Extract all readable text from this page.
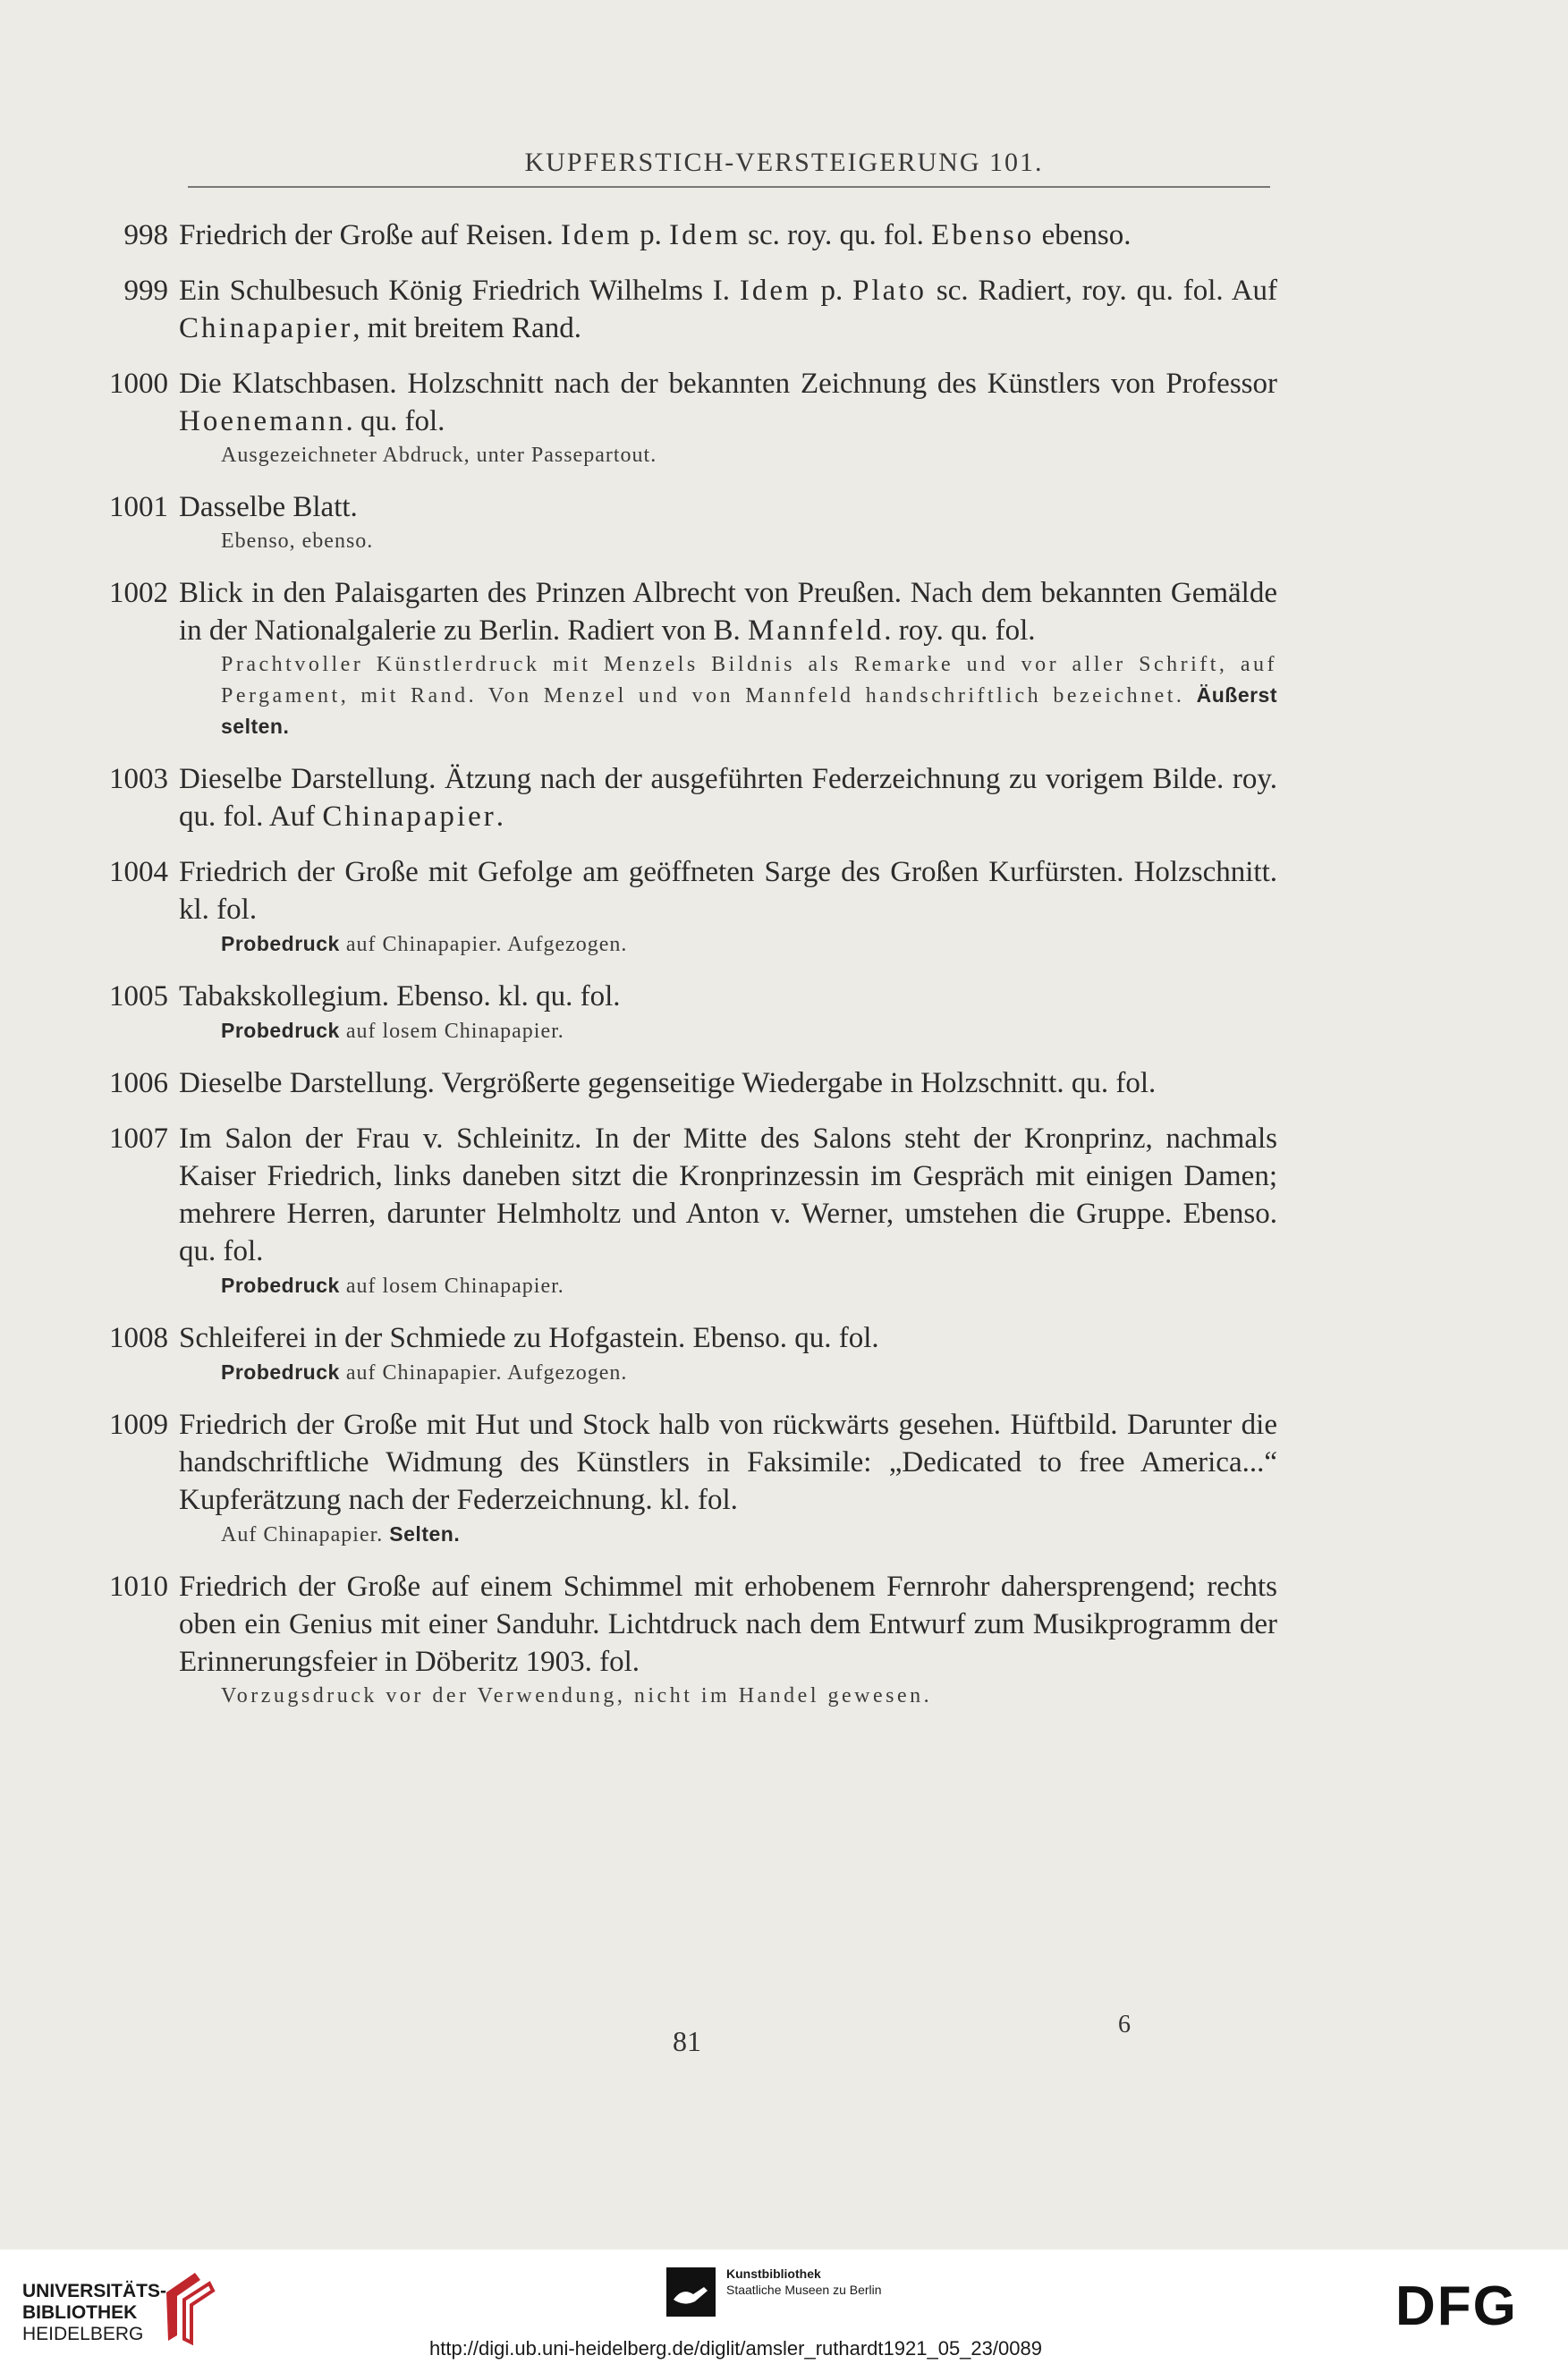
KUPFERSTICH-VERSTEIGERUNG 101.
998 Friedrich der Große auf Reisen. Idem p. Idem sc. roy. qu. fol. Ebenso ebenso.
999 Ein Schulbesuch König Friedrich Wilhelms I. Idem p. Plato sc. Radiert, roy. qu. fol. Auf Chinapapier, mit breitem Rand.
1000 Die Klatschbasen. Holzschnitt nach der bekannten Zeichnung des Künstlers von Professor Hoenemann. qu. fol.
Ausgezeichneter Abdruck, unter Passepartout.
1001 Dasselbe Blatt.
Ebenso, ebenso.
1002 Blick in den Palaisgarten des Prinzen Albrecht von Preußen. Nach dem bekannten Gemälde in der Nationalgalerie zu Berlin. Radiert von B. Mannfeld. roy. qu. fol.
Prachtvoller Künstlerdruck mit Menzels Bildnis als Remarke und vor aller Schrift, auf Pergament, mit Rand. Von Menzel und von Mannfeld handschriftlich bezeichnet. Äußerst selten.
1003 Dieselbe Darstellung. Ätzung nach der ausgeführten Federzeichnung zu vorigem Bilde. roy. qu. fol. Auf Chinapapier.
1004 Friedrich der Große mit Gefolge am geöffneten Sarge des Großen Kurfürsten. Holzschnitt. kl. fol.
Probedruck auf Chinapapier. Aufgezogen.
1005 Tabakskollegium. Ebenso. kl. qu. fol.
Probedruck auf losem Chinapapier.
1006 Dieselbe Darstellung. Vergrößerte gegenseitige Wiedergabe in Holzschnitt. qu. fol.
1007 Im Salon der Frau v. Schleinitz. In der Mitte des Salons steht der Kronprinz, nachmals Kaiser Friedrich, links daneben sitzt die Kronprinzessin im Gespräch mit einigen Damen; mehrere Herren, darunter Helmholtz und Anton v. Werner, umstehen die Gruppe. Ebenso. qu. fol.
Probedruck auf losem Chinapapier.
1008 Schleiferei in der Schmiede zu Hofgastein. Ebenso. qu. fol.
Probedruck auf Chinapapier. Aufgezogen.
1009 Friedrich der Große mit Hut und Stock halb von rückwärts gesehen. Hüftbild. Darunter die handschriftliche Widmung des Künstlers in Faksimile: „Dedicated to free America...“ Kupferätzung nach der Federzeichnung. kl. fol.
Auf Chinapapier. Selten.
1010 Friedrich der Große auf einem Schimmel mit erhobenem Fernrohr dahersprengend; rechts oben ein Genius mit einer Sanduhr. Lichtdruck nach dem Entwurf zum Musikprogramm der Erinnerungsfeier in Döberitz 1903. fol.
Vorzugsdruck vor der Verwendung, nicht im Handel gewesen.
81
6
UNIVERSITÄTS-
BIBLIOTHEK
HEIDELBERG
Kunstbibliothek
Staatliche Museen zu Berlin	DFG
http://digi.ub.uni-heidelberg.de/diglit/amsler_ruthardt1921_05_23/0089
